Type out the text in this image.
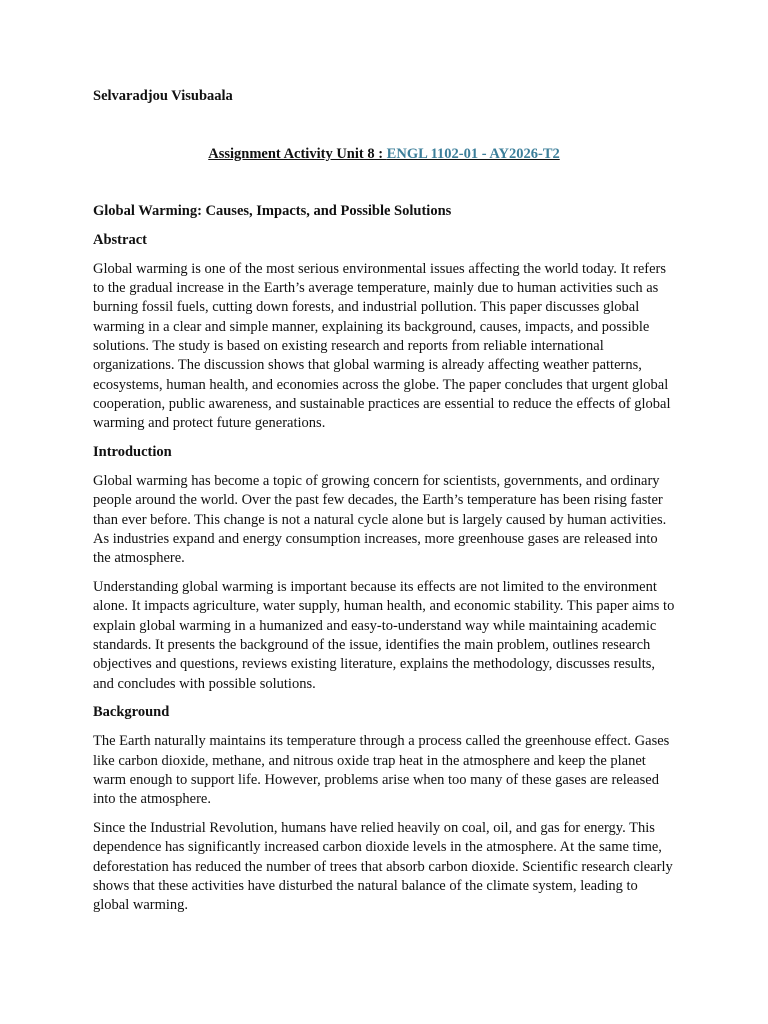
Selvaradjou Visubaala
Assignment Activity Unit 8 : ENGL 1102-01 - AY2026-T2
Global Warming: Causes, Impacts, and Possible Solutions
Abstract
Global warming is one of the most serious environmental issues affecting the world today. It refers to the gradual increase in the Earth’s average temperature, mainly due to human activities such as burning fossil fuels, cutting down forests, and industrial pollution. This paper discusses global warming in a clear and simple manner, explaining its background, causes, impacts, and possible solutions. The study is based on existing research and reports from reliable international organizations. The discussion shows that global warming is already affecting weather patterns, ecosystems, human health, and economies across the globe. The paper concludes that urgent global cooperation, public awareness, and sustainable practices are essential to reduce the effects of global warming and protect future generations.
Introduction
Global warming has become a topic of growing concern for scientists, governments, and ordinary people around the world. Over the past few decades, the Earth’s temperature has been rising faster than ever before. This change is not a natural cycle alone but is largely caused by human activities. As industries expand and energy consumption increases, more greenhouse gases are released into the atmosphere.
Understanding global warming is important because its effects are not limited to the environment alone. It impacts agriculture, water supply, human health, and economic stability. This paper aims to explain global warming in a humanized and easy-to-understand way while maintaining academic standards. It presents the background of the issue, identifies the main problem, outlines research objectives and questions, reviews existing literature, explains the methodology, discusses results, and concludes with possible solutions.
Background
The Earth naturally maintains its temperature through a process called the greenhouse effect. Gases like carbon dioxide, methane, and nitrous oxide trap heat in the atmosphere and keep the planet warm enough to support life. However, problems arise when too many of these gases are released into the atmosphere.
Since the Industrial Revolution, humans have relied heavily on coal, oil, and gas for energy. This dependence has significantly increased carbon dioxide levels in the atmosphere. At the same time, deforestation has reduced the number of trees that absorb carbon dioxide. Scientific research clearly shows that these activities have disturbed the natural balance of the climate system, leading to global warming.
